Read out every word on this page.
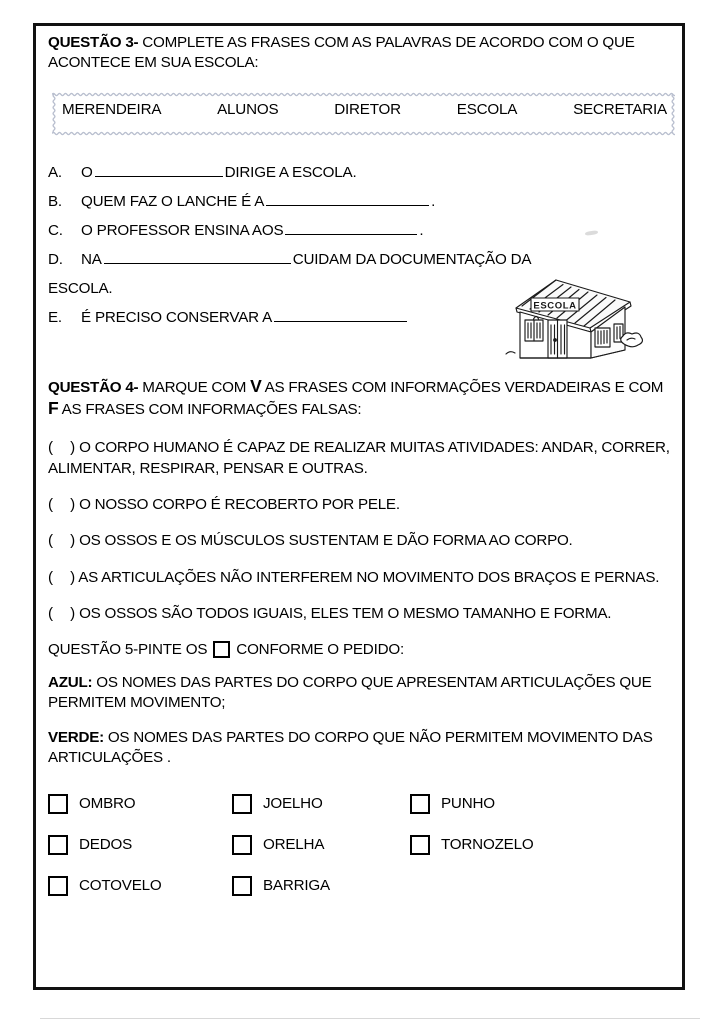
QUESTÃO 3- COMPLETE AS FRASES COM AS PALAVRAS DE ACORDO COM O QUE ACONTECE EM SUA ESCOLA:

MERENDEIRA	ALUNOS	DIRETOR	ESCOLA	SECRETARIA
A.	O	DIRIGE A ESCOLA.
B.	QUEM FAZ O LANCHE É A	.
C.	O PROFESSOR ENSINA AOS	.
D.	NA	CUIDAM DA DOCUMENTAÇÃO DA
ESCOLA.
E.	É PRECISO CONSERVAR A
ESCOLA

QUESTÃO 4- MARQUE COM V AS FRASES COM INFORMAÇÕES VERDADEIRAS E COM F AS FRASES COM INFORMAÇÕES FALSAS:

( ) O CORPO HUMANO É CAPAZ DE REALIZAR MUITAS ATIVIDADES: ANDAR, CORRER, ALIMENTAR, RESPIRAR, PENSAR E OUTRAS.

( ) O NOSSO CORPO É RECOBERTO POR PELE.

( ) OS OSSOS E OS MÚSCULOS SUSTENTAM E DÃO FORMA AO CORPO.

( ) AS ARTICULAÇÕES NÃO INTERFEREM NO MOVIMENTO DOS BRAÇOS E PERNAS.

( ) OS OSSOS SÃO TODOS IGUAIS, ELES TEM O MESMO TAMANHO E FORMA.

QUESTÃO 5- PINTE OS CONFORME O PEDIDO:

AZUL: OS NOMES DAS PARTES DO CORPO QUE APRESENTAM ARTICULAÇÕES QUE PERMITEM MOVIMENTO;

VERDE: OS NOMES DAS PARTES DO CORPO QUE NÃO PERMITEM MOVIMENTO DAS ARTICULAÇÕES .

OMBRO	JOELHO	PUNHO
DEDOS	ORELHA	TORNOZELO
COTOVELO	BARRIGA
